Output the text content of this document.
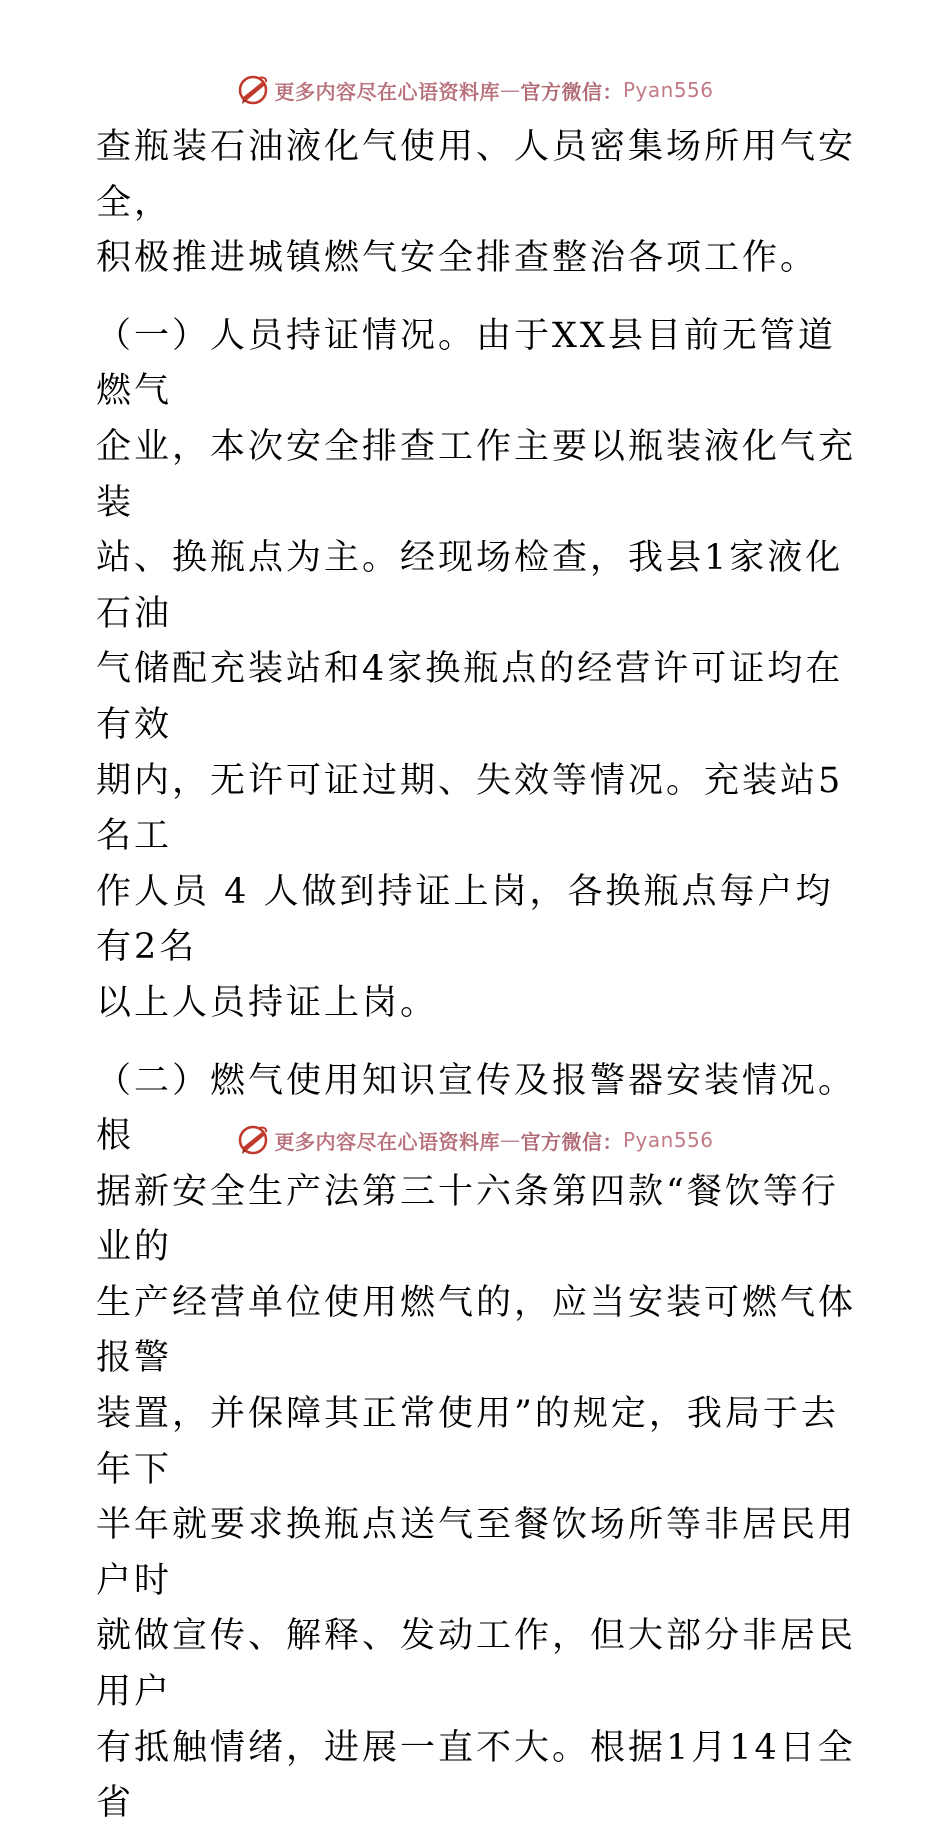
更多内容尽在心语资料库 — 官方微信： Pyan556

查瓶装石油液化气使用、人员密集场所用气安全，

积极推进城镇燃气安全排查整治各项工作。

（一）人员持证情况。由于XX县目前无管道燃气

企业，本次安全排查工作主要以瓶装液化气充装

站、换瓶点为主。经现场检查，我县1家液化石油

气储配充装站和4家换瓶点的经营许可证均在有效

期内，无许可证过期、失效等情况。充装站5名工

作人员 4 人做到持证上岗，各换瓶点每户均有2名

以上人员持证上岗。

（二）燃气使用知识宣传及报警器安装情况。根

据新安全生产法第三十六条第四款“餐饮等行业的

生产经营单位使用燃气的，应当安装可燃气体报警

装置，并保障其正常使用”的规定，我局于去年下

半年就要求换瓶点送气至餐饮场所等非居民用户时

就做宣传、解释、发动工作，但大部分非居民用户

有抵触情绪，进展一直不大。根据1月14日全省

更多内容尽在心语资料库 — 官方微信： Pyan556
